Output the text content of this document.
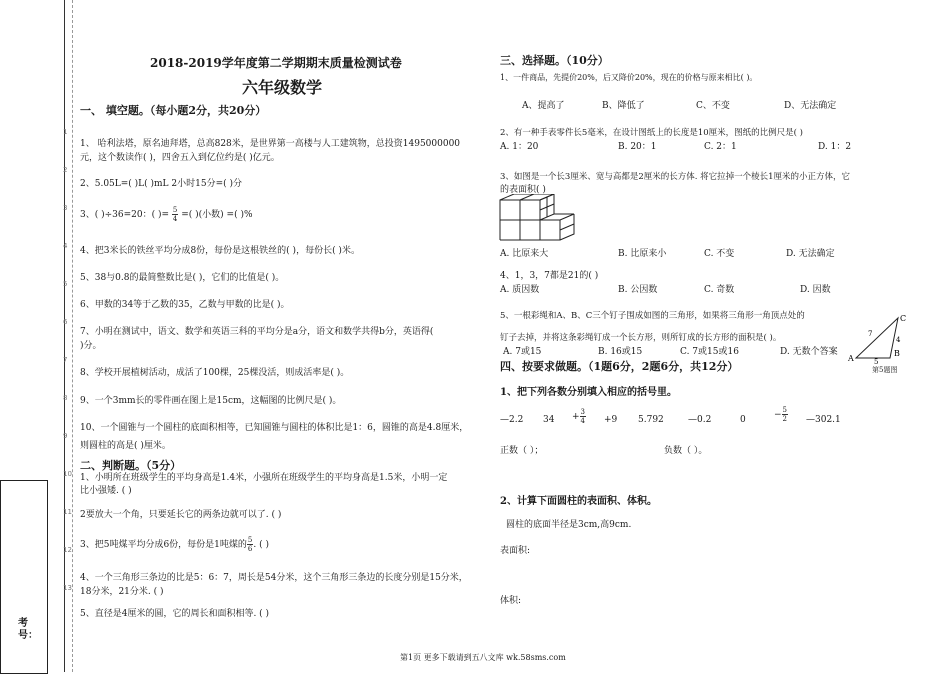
考号：
1
2
3
4
5
6
7
8
9
10
11
12
13
2018-2019学年度第二学期期末质量检测试卷
六年级数学
一、 填空题。（每小题2分，共20分）
1、 哈利法塔，原名迪拜塔，总高828米，是世界第一高楼与人工建筑物，总投资1495000000
元，这个数读作( )，四舍五入到亿位约是( )亿元。
2、5.05L=( )L( )mL 2小时15分=( )分
3、( )÷36=20：( )= $\frac{5}{4}$ =( )(小数) =( )%
4、把3米长的铁丝平均分成8份，每份是这根铁丝的( )，每份长( )米。
5、38与0.8的最简整数比是( )，它们的比值是( )。
6、甲数的34等于乙数的35，乙数与甲数的比是( )。
7、小明在测试中，语文、数学和英语三科的平均分是a分，语文和数学共得b分，英语得(
)分。
8、学校开展植树活动，成活了100棵，25棵没活，则成活率是( )。
9、一个3mm长的零件画在图上是15cm，这幅图的比例尺是( )。
10、一个圆锥与一个圆柱的底面积相等，已知圆锥与圆柱的体积比是1：6，圆锥的高是4.8厘米，
则圆柱的高是( )厘米。
二、判断题。（5分）
1、小明所在班级学生的平均身高是1.4米，小强所在班级学生的平均身高是1.5米，小明一定
比小强矮. ( )
2要放大一个角，只要延长它的两条边就可以了. ( )
3、把5吨煤平均分成6份，每份是1吨煤的 $\frac{5}{6}$ . ( )
4、一个三角形三条边的比是5：6：7，周长是54分米，这个三角形三条边的长度分别是15分米，
18分米，21分米. ( )
5、直径是4厘米的圆，它的周长和面积相等. ( )
三、选择题。（10分）
1、一件商品，先提价20%，后又降价20%，现在的价格与原来相比( )。
A、提高了	B、降低了	C、不变	D、无法确定
2、有一种手表零件长5毫米，在设计图纸上的长度是10厘米，图纸的比例尺是( )
A. 1：20	B. 20：1	C. 2：1	D. 1：2
3、如图是一个长3厘米、宽与高都是2厘米的长方体. 将它拉掉一个棱长1厘米的小正方体，它
的表面积( )
A. 比原来大	B. 比原来小	C. 不变	D. 无法确定
4、1，3，7都是21的( )
A. 质因数	B. 公因数	C. 奇数	D. 因数
5、一根彩绳和A、B、C三个钉子围成如图的三角形，如果将三角形一角顶点处的
钉子去掉，并将这条彩绳钉成一个长方形，则所钉成的长方形的面积是( )。
A. 7或15	B. 16或15	C. 7或15或16	D. 无数个答案
A
B
C
7
4
5
第5题图
四、按要求做题。（1题6分，2题6分，共12分）
1、把下列各数分别填入相应的括号里。
—2.2 $34 + \frac{3}{4} +9$ 5.792	—0.2	0	− $\frac{5}{2}$ —302.1
正数（ ）；	负数（ ）。
2、计算下面圆柱的表面积、体积。
圆柱的底面半径是3cm,高9cm.
表面积:
体积:
第1页 更多下载请到五八文库 wk.58sms.com
